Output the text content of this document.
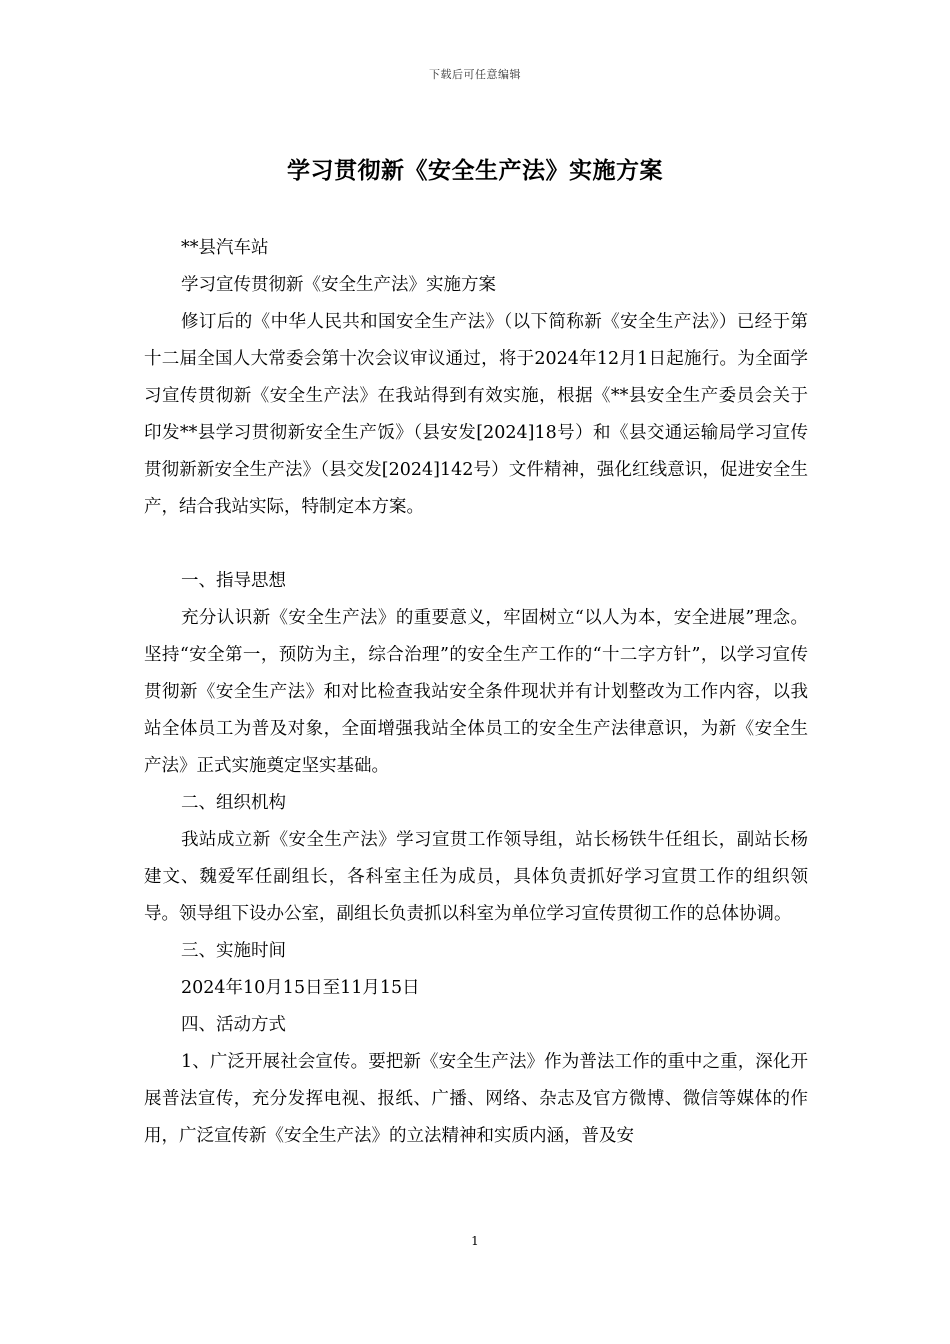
下载后可任意编辑
学习贯彻新《安全生产法》实施方案

**县汽车站

学习宣传贯彻新《安全生产法》实施方案

修订后的《中华人民共和国安全生产法》（以下简称新《安全生产法》）已经于第十二届全国人大常委会第十次会议审议通过，将于2024年12月1日起施行。为全面学习宣传贯彻新《安全生产法》在我站得到有效实施，根据《**县安全生产委员会关于印发**县学习贯彻新安全生产饭》（县安发[2024]18号）和《县交通运输局学习宣传贯彻新新安全生产法》（县交发[2024]142号）文件精神，强化红线意识，促进安全生产，结合我站实际，特制定本方案。

一、指导思想

充分认识新《安全生产法》的重要意义，牢固树立“以人为本，安全进展”理念。坚持“安全第一，预防为主，综合治理”的安全生产工作的“十二字方针”，以学习宣传贯彻新《安全生产法》和对比检查我站安全条件现状并有计划整改为工作内容，以我站全体员工为普及对象，全面增强我站全体员工的安全生产法律意识，为新《安全生产法》正式实施奠定坚实基础。

二、组织机构

我站成立新《安全生产法》学习宣贯工作领导组，站长杨铁牛任组长，副站长杨建文、魏爱军任副组长，各科室主任为成员，具体负责抓好学习宣贯工作的组织领导。领导组下设办公室，副组长负责抓以科室为单位学习宣传贯彻工作的总体协调。

三、实施时间

2024年10月15日至11月15日

四、活动方式

1、广泛开展社会宣传。要把新《安全生产法》作为普法工作的重中之重，深化开展普法宣传，充分发挥电视、报纸、广播、网络、杂志及官方微博、微信等媒体的作用，广泛宣传新《安全生产法》的立法精神和实质内涵，普及安

1
